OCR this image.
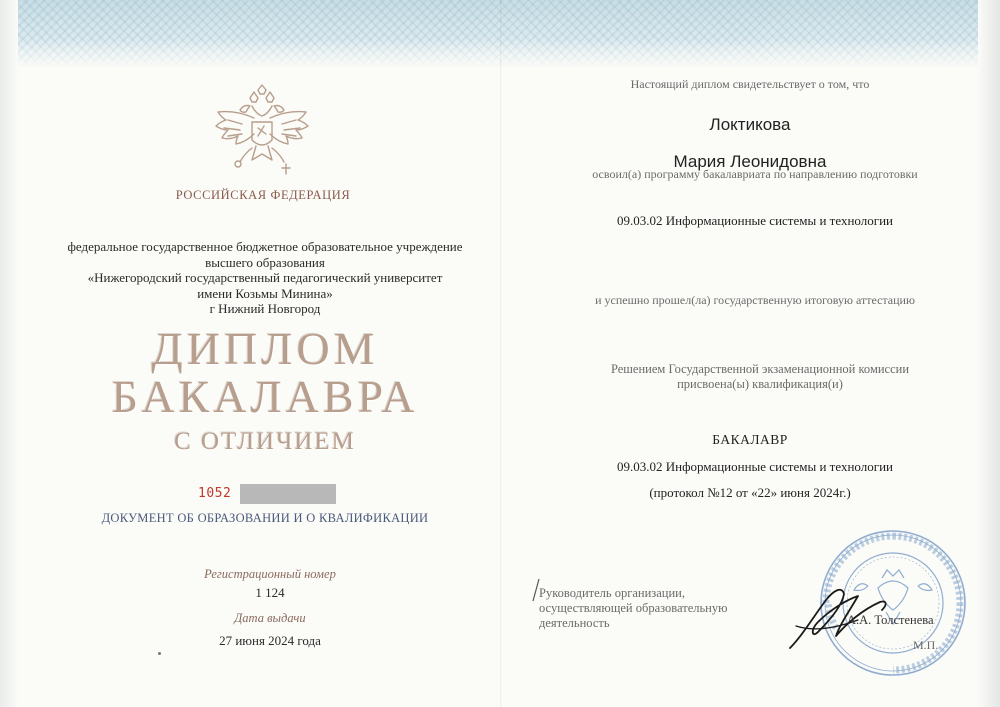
РОССИЙСКАЯ ФЕДЕРАЦИЯ
федеральное государственное бюджетное образовательное учреждение
высшего образования
«Нижегородский государственный педагогический университет
имени Козьмы Минина»
г Нижний Новгород
ДИПЛОМ
БАКАЛАВРА
С ОТЛИЧИЕМ
1052
ДОКУМЕНТ ОБ ОБРАЗОВАНИИ И О КВАЛИФИКАЦИИ
Регистрационный номер
1 124
Дата выдачи
27 июня 2024 года
Настоящий диплом свидетельствует о том, что
Локтикова
Мария Леонидовна
освоил(а) программу бакалавриата по направлению подготовки
09.03.02 Информационные системы и технологии
и успешно прошел(ла) государственную итоговую аттестацию
Решением Государственной экзаменационной комиссии
присвоена(ы) квалификация(и)
БАКАЛАВР
09.03.02 Информационные системы и технологии
(протокол №12 от «22» июня 2024г.)
Руководитель организации,
осуществляющей образовательную
деятельность	А.А. Толстенева
М.П.
